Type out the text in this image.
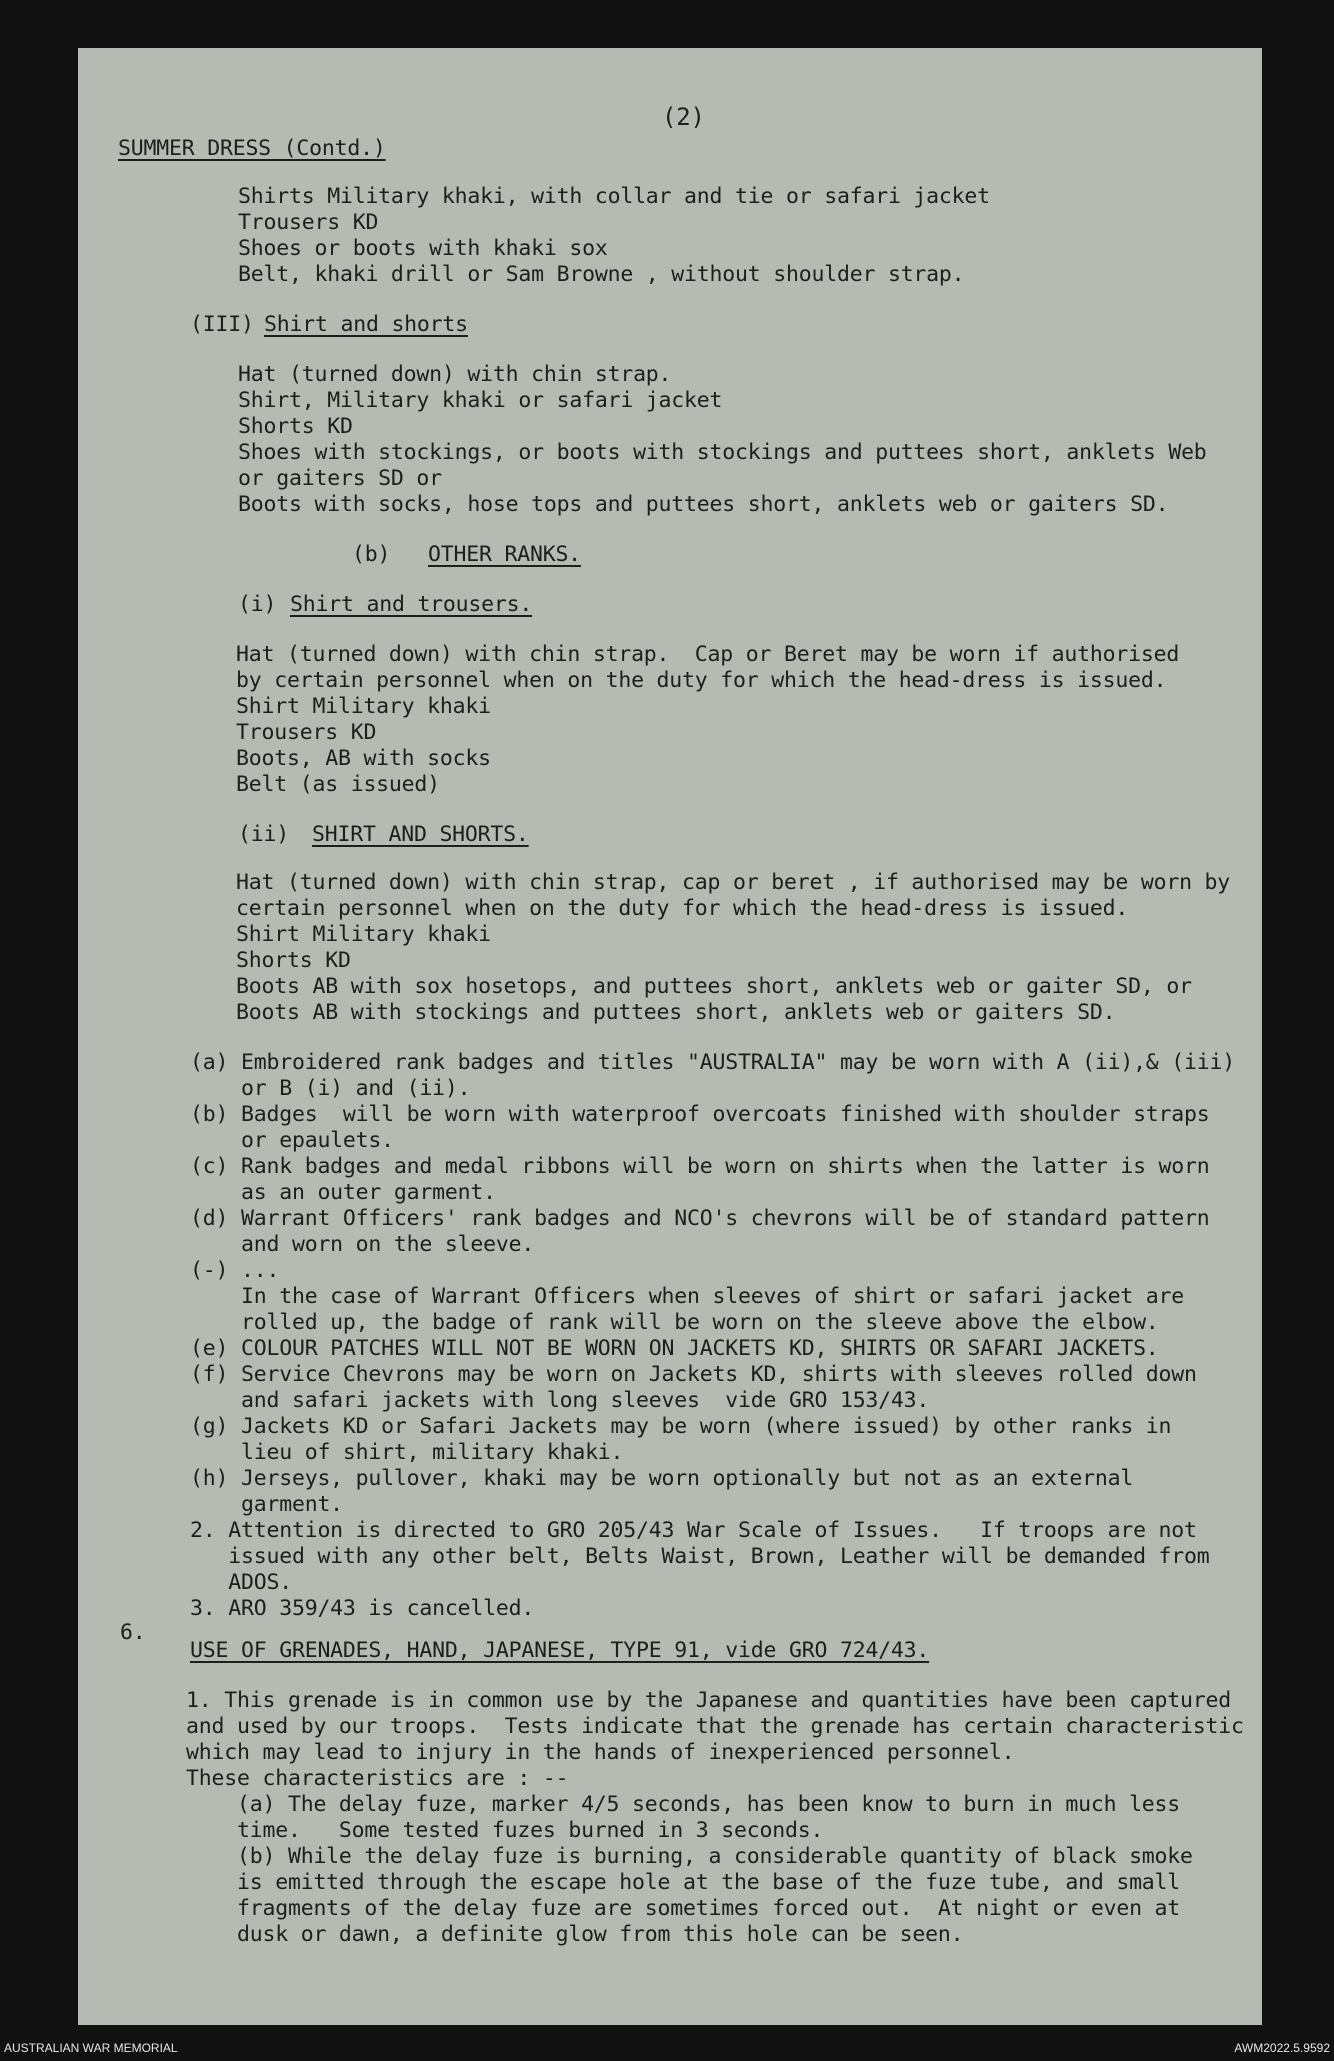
(2)
SUMMER DRESS (Contd.)
Shirts Military khaki, with collar and tie or safari jacket
Trousers KD
Shoes or boots with khaki sox
Belt, khaki drill or Sam Browne , without shoulder strap.
(III) Shirt and shorts
Hat (turned down) with chin strap.
Shirt, Military khaki or safari jacket
Shorts KD
Shoes with stockings, or boots with stockings and puttees short, anklets Web
or gaiters SD or
Boots with socks, hose tops and puttees short, anklets web or gaiters SD.
(b) OTHER RANKS.
(i) Shirt and trousers.
Hat (turned down) with chin strap.  Cap or Beret may be worn if authorised
by certain personnel when on the duty for which the head-dress is issued.
Shirt Military khaki
Trousers KD
Boots, AB with socks
Belt (as issued)
(ii) SHIRT AND SHORTS.
Hat (turned down) with chin strap, cap or beret , if authorised may be worn by
certain personnel when on the duty for which the head-dress is issued.
Shirt Military khaki
Shorts KD
Boots AB with sox hosetops, and puttees short, anklets web or gaiter SD, or
Boots AB with stockings and puttees short, anklets web or gaiters SD.
(a) Embroidered rank badges and titles "AUSTRALIA" may be worn with A (ii),& (iii)
or B (i) and (ii).
(b) Badges  will be worn with waterproof overcoats finished with shoulder straps
or epaulets.
(c) Rank badges and medal ribbons will be worn on shirts when the latter is worn
as an outer garment.
(d) Warrant Officers' rank badges and NCO's chevrons will be of standard pattern
and worn on the sleeve.
(-) ...
In the case of Warrant Officers when sleeves of shirt or safari jacket are
rolled up, the badge of rank will be worn on the sleeve above the elbow.
(e) COLOUR PATCHES WILL NOT BE WORN ON JACKETS KD, SHIRTS OR SAFARI JACKETS.
(f) Service Chevrons may be worn on Jackets KD, shirts with sleeves rolled down
and safari jackets with long sleeves  vide GRO 153/43.
(g) Jackets KD or Safari Jackets may be worn (where issued) by other ranks in
lieu of shirt, military khaki.
(h) Jerseys, pullover, khaki may be worn optionally but not as an external
garment.
2. Attention is directed to GRO 205/43 War Scale of Issues.   If troops are not
issued with any other belt, Belts Waist, Brown, Leather will be demanded from
ADOS.
3. ARO 359/43 is cancelled.
6.
USE OF GRENADES, HAND, JAPANESE, TYPE 91, vide GRO 724/43.
1. This grenade is in common use by the Japanese and quantities have been captured
and used by our troops.  Tests indicate that the grenade has certain characteristic
which may lead to injury in the hands of inexperienced personnel.
These characteristics are : --
(a) The delay fuze, marker 4/5 seconds, has been know to burn in much less
time.   Some tested fuzes burned in 3 seconds.
(b) While the delay fuze is burning, a considerable quantity of black smoke
is emitted through the escape hole at the base of the fuze tube, and small
fragments of the delay fuze are sometimes forced out.  At night or even at
dusk or dawn, a definite glow from this hole can be seen.
AUSTRALIAN WAR MEMORIAL	AWM2022.5.9592
